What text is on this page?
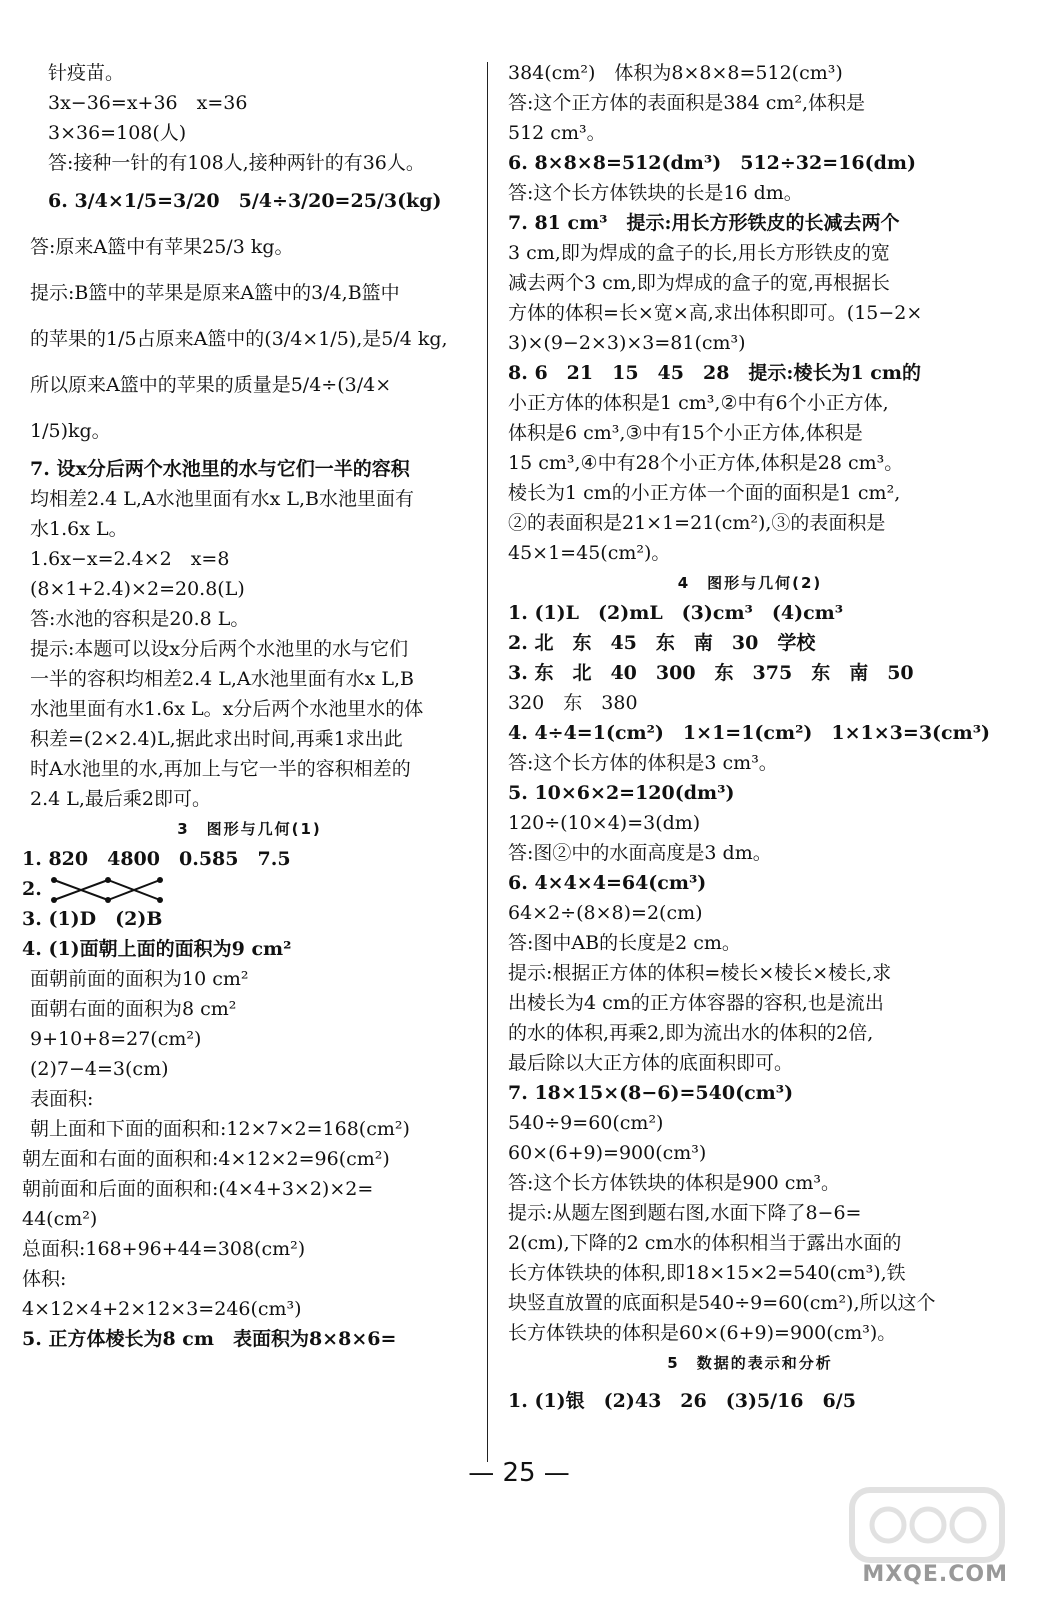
针疫苗。
3x−36=x+36　x=36
3×36=108(人)
答:接种一针的有108人,接种两针的有36人。
6. 3/4×1/5=3/20　5/4÷3/20=25/3(kg)
答:原来A篮中有苹果25/3 kg。
提示:B篮中的苹果是原来A篮中的3/4,B篮中
的苹果的1/5占原来A篮中的(3/4×1/5),是5/4 kg,
所以原来A篮中的苹果的质量是5/4÷(3/4×
1/5)kg。
7. 设x分后两个水池里的水与它们一半的容积
均相差2.4 L,A水池里面有水x L,B水池里面有
水1.6x L。
1.6x−x=2.4×2　x=8
(8×1+2.4)×2=20.8(L)
答:水池的容积是20.8 L。
提示:本题可以设x分后两个水池里的水与它们
一半的容积均相差2.4 L,A水池里面有水x L,B
水池里面有水1.6x L。x分后两个水池里水的体
积差=(2×2.4)L,据此求出时间,再乘1求出此
时A水池里的水,再加上与它一半的容积相差的
2.4 L,最后乘2即可。
3　图形与几何(1)
1. 820　4800　0.585　7.5
2.
3. (1)D　(2)B
4. (1)面朝上面的面积为9 cm²
面朝前面的面积为10 cm²
面朝右面的面积为8 cm²
9+10+8=27(cm²)
(2)7−4=3(cm)
表面积:
朝上面和下面的面积和:12×7×2=168(cm²)
朝左面和右面的面积和:4×12×2=96(cm²)
朝前面和后面的面积和:(4×4+3×2)×2=
44(cm²)
总面积:168+96+44=308(cm²)
体积:
4×12×4+2×12×3=246(cm³)
5. 正方体棱长为8 cm　表面积为8×8×6=
384(cm²)　体积为8×8×8=512(cm³)
答:这个正方体的表面积是384 cm²,体积是
512 cm³。
6. 8×8×8=512(dm³)　512÷32=16(dm)
答:这个长方体铁块的长是16 dm。
7. 81 cm³　提示:用长方形铁皮的长减去两个
3 cm,即为焊成的盒子的长,用长方形铁皮的宽
减去两个3 cm,即为焊成的盒子的宽,再根据长
方体的体积=长×宽×高,求出体积即可。(15−2×
3)×(9−2×3)×3=81(cm³)
8. 6　21　15　45　28　提示:棱长为1 cm的
小正方体的体积是1 cm³,②中有6个小正方体,
体积是6 cm³,③中有15个小正方体,体积是
15 cm³,④中有28个小正方体,体积是28 cm³。
棱长为1 cm的小正方体一个面的面积是1 cm²,
②的表面积是21×1=21(cm²),③的表面积是
45×1=45(cm²)。
4　图形与几何(2)
1. (1)L　(2)mL　(3)cm³　(4)cm³
2. 北　东　45　东　南　30　学校
3. 东　北　40　300　东　375　东　南　50
320　东　380
4. 4÷4=1(cm²)　1×1=1(cm²)　1×1×3=3(cm³)
答:这个长方体的体积是3 cm³。
5. 10×6×2=120(dm³)
120÷(10×4)=3(dm)
答:图②中的水面高度是3 dm。
6. 4×4×4=64(cm³)
64×2÷(8×8)=2(cm)
答:图中AB的长度是2 cm。
提示:根据正方体的体积=棱长×棱长×棱长,求
出棱长为4 cm的正方体容器的容积,也是流出
的水的体积,再乘2,即为流出水的体积的2倍,
最后除以大正方体的底面积即可。
7. 18×15×(8−6)=540(cm³)
540÷9=60(cm²)
60×(6+9)=900(cm³)
答:这个长方体铁块的体积是900 cm³。
提示:从题左图到题右图,水面下降了8−6=
2(cm),下降的2 cm水的体积相当于露出水面的
长方体铁块的体积,即18×15×2=540(cm³),铁
块竖直放置的底面积是540÷9=60(cm²),所以这个
长方体铁块的体积是60×(6+9)=900(cm³)。
5　数据的表示和分析
1. (1)银　(2)43　26　(3)5/16　6/5
— 25 —
MXQE.COM
